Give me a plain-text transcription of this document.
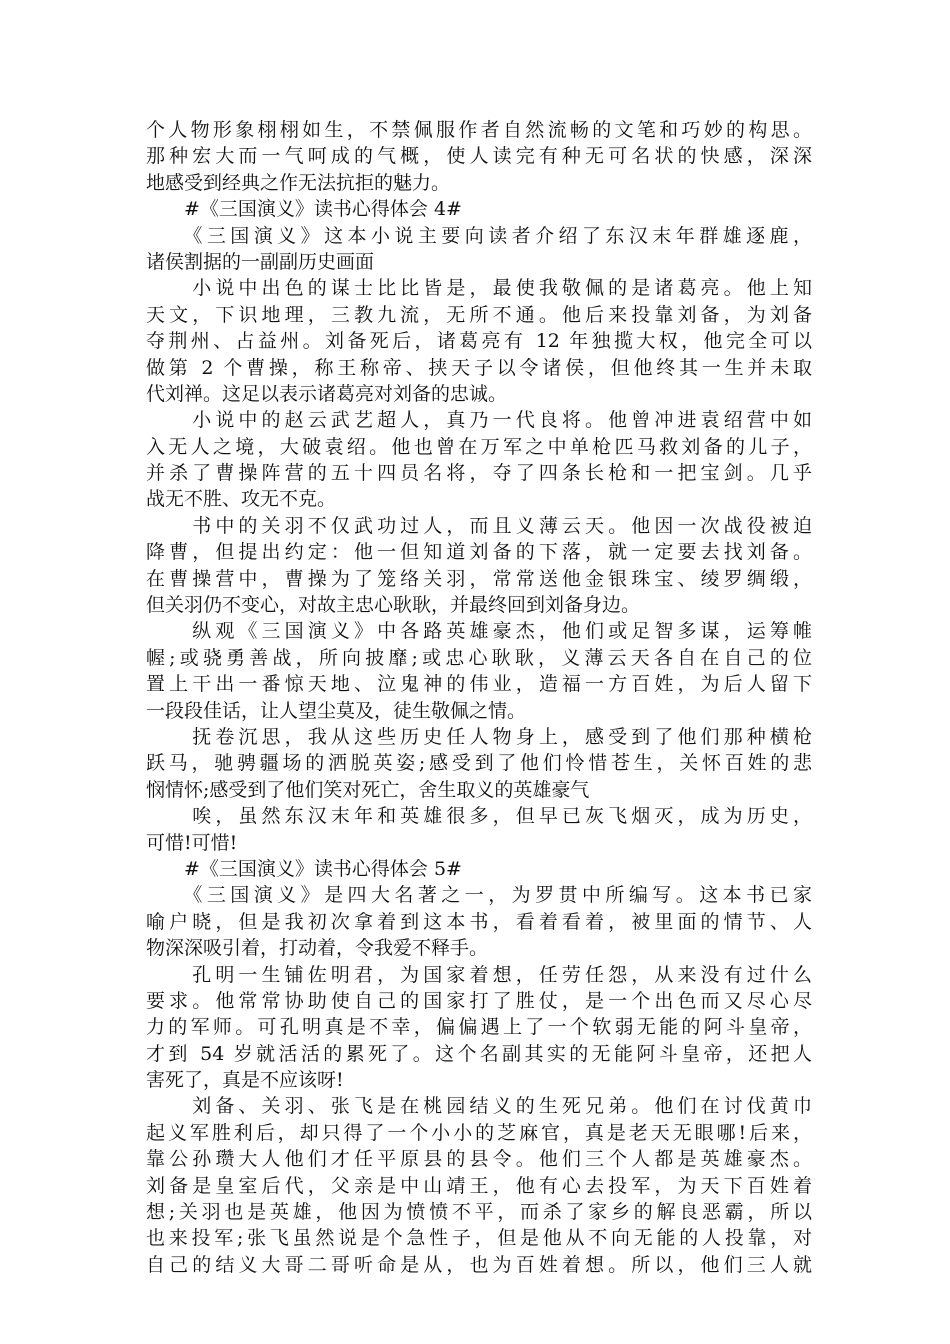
个人物形象栩栩如生，不禁佩服作者自然流畅的文笔和巧妙的构思。
那种宏大而一气呵成的气概，使人读完有种无可名状的快感，深深
地感受到经典之作无法抗拒的魅力。
　　#《三国演义》读书心得体会 4#
　　《三国演义》这本小说主要向读者介绍了东汉末年群雄逐鹿，
诸侯割据的一副副历史画面
　　小说中出色的谋士比比皆是，最使我敬佩的是诸葛亮。他上知
天文，下识地理，三教九流，无所不通。他后来投靠刘备，为刘备
夺荆州、占益州。刘备死后，诸葛亮有 12 年独揽大权，他完全可以
做第 2 个曹操，称王称帝、挟天子以令诸侯，但他终其一生并未取
代刘禅。这足以表示诸葛亮对刘备的忠诚。
　　小说中的赵云武艺超人，真乃一代良将。他曾冲进袁绍营中如
入无人之境，大破袁绍。他也曾在万军之中单枪匹马救刘备的儿子，
并杀了曹操阵营的五十四员名将，夺了四条长枪和一把宝剑。几乎
战无不胜、攻无不克。
　　书中的关羽不仅武功过人，而且义薄云天。他因一次战役被迫
降曹，但提出约定：他一但知道刘备的下落，就一定要去找刘备。
在曹操营中，曹操为了笼络关羽，常常送他金银珠宝、绫罗绸缎，
但关羽仍不变心，对故主忠心耿耿，并最终回到刘备身边。
　　纵观《三国演义》中各路英雄豪杰，他们或足智多谋，运筹帷
幄;或骁勇善战，所向披靡;或忠心耿耿，义薄云天各自在自己的位
置上干出一番惊天地、泣鬼神的伟业，造福一方百姓，为后人留下
一段段佳话，让人望尘莫及，徒生敬佩之情。
　　抚卷沉思，我从这些历史任人物身上，感受到了他们那种横枪
跃马，驰骋疆场的洒脱英姿;感受到了他们怜惜苍生，关怀百姓的悲
悯情怀;感受到了他们笑对死亡，舍生取义的英雄豪气
　　唉，虽然东汉末年和英雄很多，但早已灰飞烟灭，成为历史，
可惜!可惜!
　　#《三国演义》读书心得体会 5#
　　《三国演义》是四大名著之一，为罗贯中所编写。这本书已家
喻户晓，但是我初次拿着到这本书，看着看着，被里面的情节、人
物深深吸引着，打动着，令我爱不释手。
　　孔明一生铺佐明君，为国家着想，任劳任怨，从来没有过什么
要求。他常常协助使自己的国家打了胜仗，是一个出色而又尽心尽
力的军师。可孔明真是不幸，偏偏遇上了一个软弱无能的阿斗皇帝，
才到 54 岁就活活的累死了。这个名副其实的无能阿斗皇帝，还把人
害死了，真是不应该呀!
　　刘备、关羽、张飞是在桃园结义的生死兄弟。他们在讨伐黄巾
起义军胜利后，却只得了一个小小的芝麻官，真是老天无眼哪!后来，
靠公孙瓒大人他们才任平原县的县令。他们三个人都是英雄豪杰。
刘备是皇室后代，父亲是中山靖王，他有心去投军，为天下百姓着
想;关羽也是英雄，他因为愤愤不平，而杀了家乡的解良恶霸，所以
也来投军;张飞虽然说是个急性子，但是他从不向无能的人投靠，对
自己的结义大哥二哥听命是从，也为百姓着想。所以，他们三人就
